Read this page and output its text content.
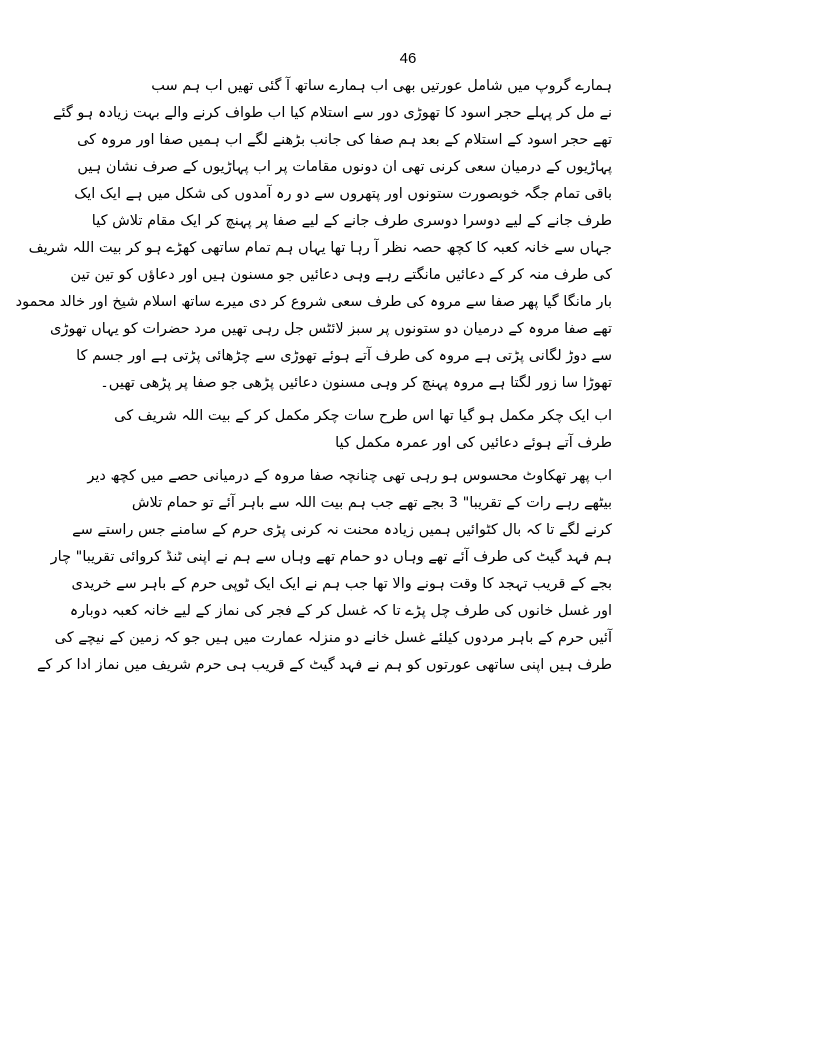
46
ہمارے گروپ میں شامل عورتیں بھی اب ہمارے ساتھ آ گئی تھیں اب ہم سب
نے مل کر پہلے حجر اسود کا تھوڑی دور سے استلام کیا اب طواف کرنے والے بہت زیادہ ہو گئے
تھے حجر اسود کے استلام کے بعد ہم صفا کی جانب بڑھنے لگے اب ہمیں صفا اور مروہ کی
پہاڑیوں کے درمیان سعی کرنی تھی ان دونوں مقامات پر اب پہاڑیوں کے صرف نشان ہیں
باقی تمام جگہ خوبصورت ستونوں اور پتھروں سے دو رہ آمدوں کی شکل میں ہے ایک ایک
طرف جانے کے لیے دوسرا دوسری طرف جانے کے لیے صفا پر پہنچ کر ایک مقام تلاش کیا
جہاں سے خانہ کعبہ کا کچھ حصہ نظر آ رہا تھا یہاں ہم تمام ساتھی کھڑے ہو کر بیت اللہ شریف
کی طرف منہ کر کے دعائیں مانگتے رہے وہی دعائیں جو مسنون ہیں اور دعاؤں کو تین تین
بار مانگا گیا پھر صفا سے مروہ کی طرف سعی شروع کر دی میرے ساتھ اسلام شیخ اور خالد محمود
تھے صفا مروہ کے درمیان دو ستونوں پر سبز لائٹس جل رہی تھیں مرد حضرات کو یہاں تھوڑی
سے دوڑ لگانی پڑتی ہے مروہ کی طرف آتے ہوئے تھوڑی سے چڑھائی پڑتی ہے اور جسم کا
تھوڑا سا زور لگتا ہے مروہ پہنچ کر وہی مسنون دعائیں پڑھی جو صفا پر پڑھی تھیں۔
اب ایک چکر مکمل ہو گیا تھا اس طرح سات چکر مکمل کر کے بیت اللہ شریف کی
طرف آتے ہوئے دعائیں کی اور عمرہ مکمل کیا
اب پھر تھکاوٹ محسوس ہو رہی تھی چنانچہ صفا مروہ کے درمیانی حصے میں کچھ دیر
بیٹھے رہے رات کے تقریبا" 3 بجے تھے جب ہم بیت اللہ سے باہر آئے تو حمام تلاش
کرنے لگے تا کہ بال کٹوائیں ہمیں زیادہ محنت نہ کرنی پڑی حرم کے سامنے جس راستے سے
ہم فہد گیٹ کی طرف آئے تھے وہاں دو حمام تھے وہاں سے ہم نے اپنی ٹنڈ کروائی تقریبا" چار
بجے کے قریب تہجد کا وقت ہونے والا تھا جب ہم نے ایک ایک ٹوپی حرم کے باہر سے خریدی
اور غسل خانوں کی طرف چل پڑے تا کہ غسل کر کے فجر کی نماز کے لیے خانہ کعبہ دوبارہ
آئیں حرم کے باہر مردوں کیلئے غسل خانے دو منزلہ عمارت میں ہیں جو کہ زمین کے نیچے کی
طرف ہیں اپنی ساتھی عورتوں کو ہم نے فہد گیٹ کے قریب ہی حرم شریف میں نماز ادا کر کے
